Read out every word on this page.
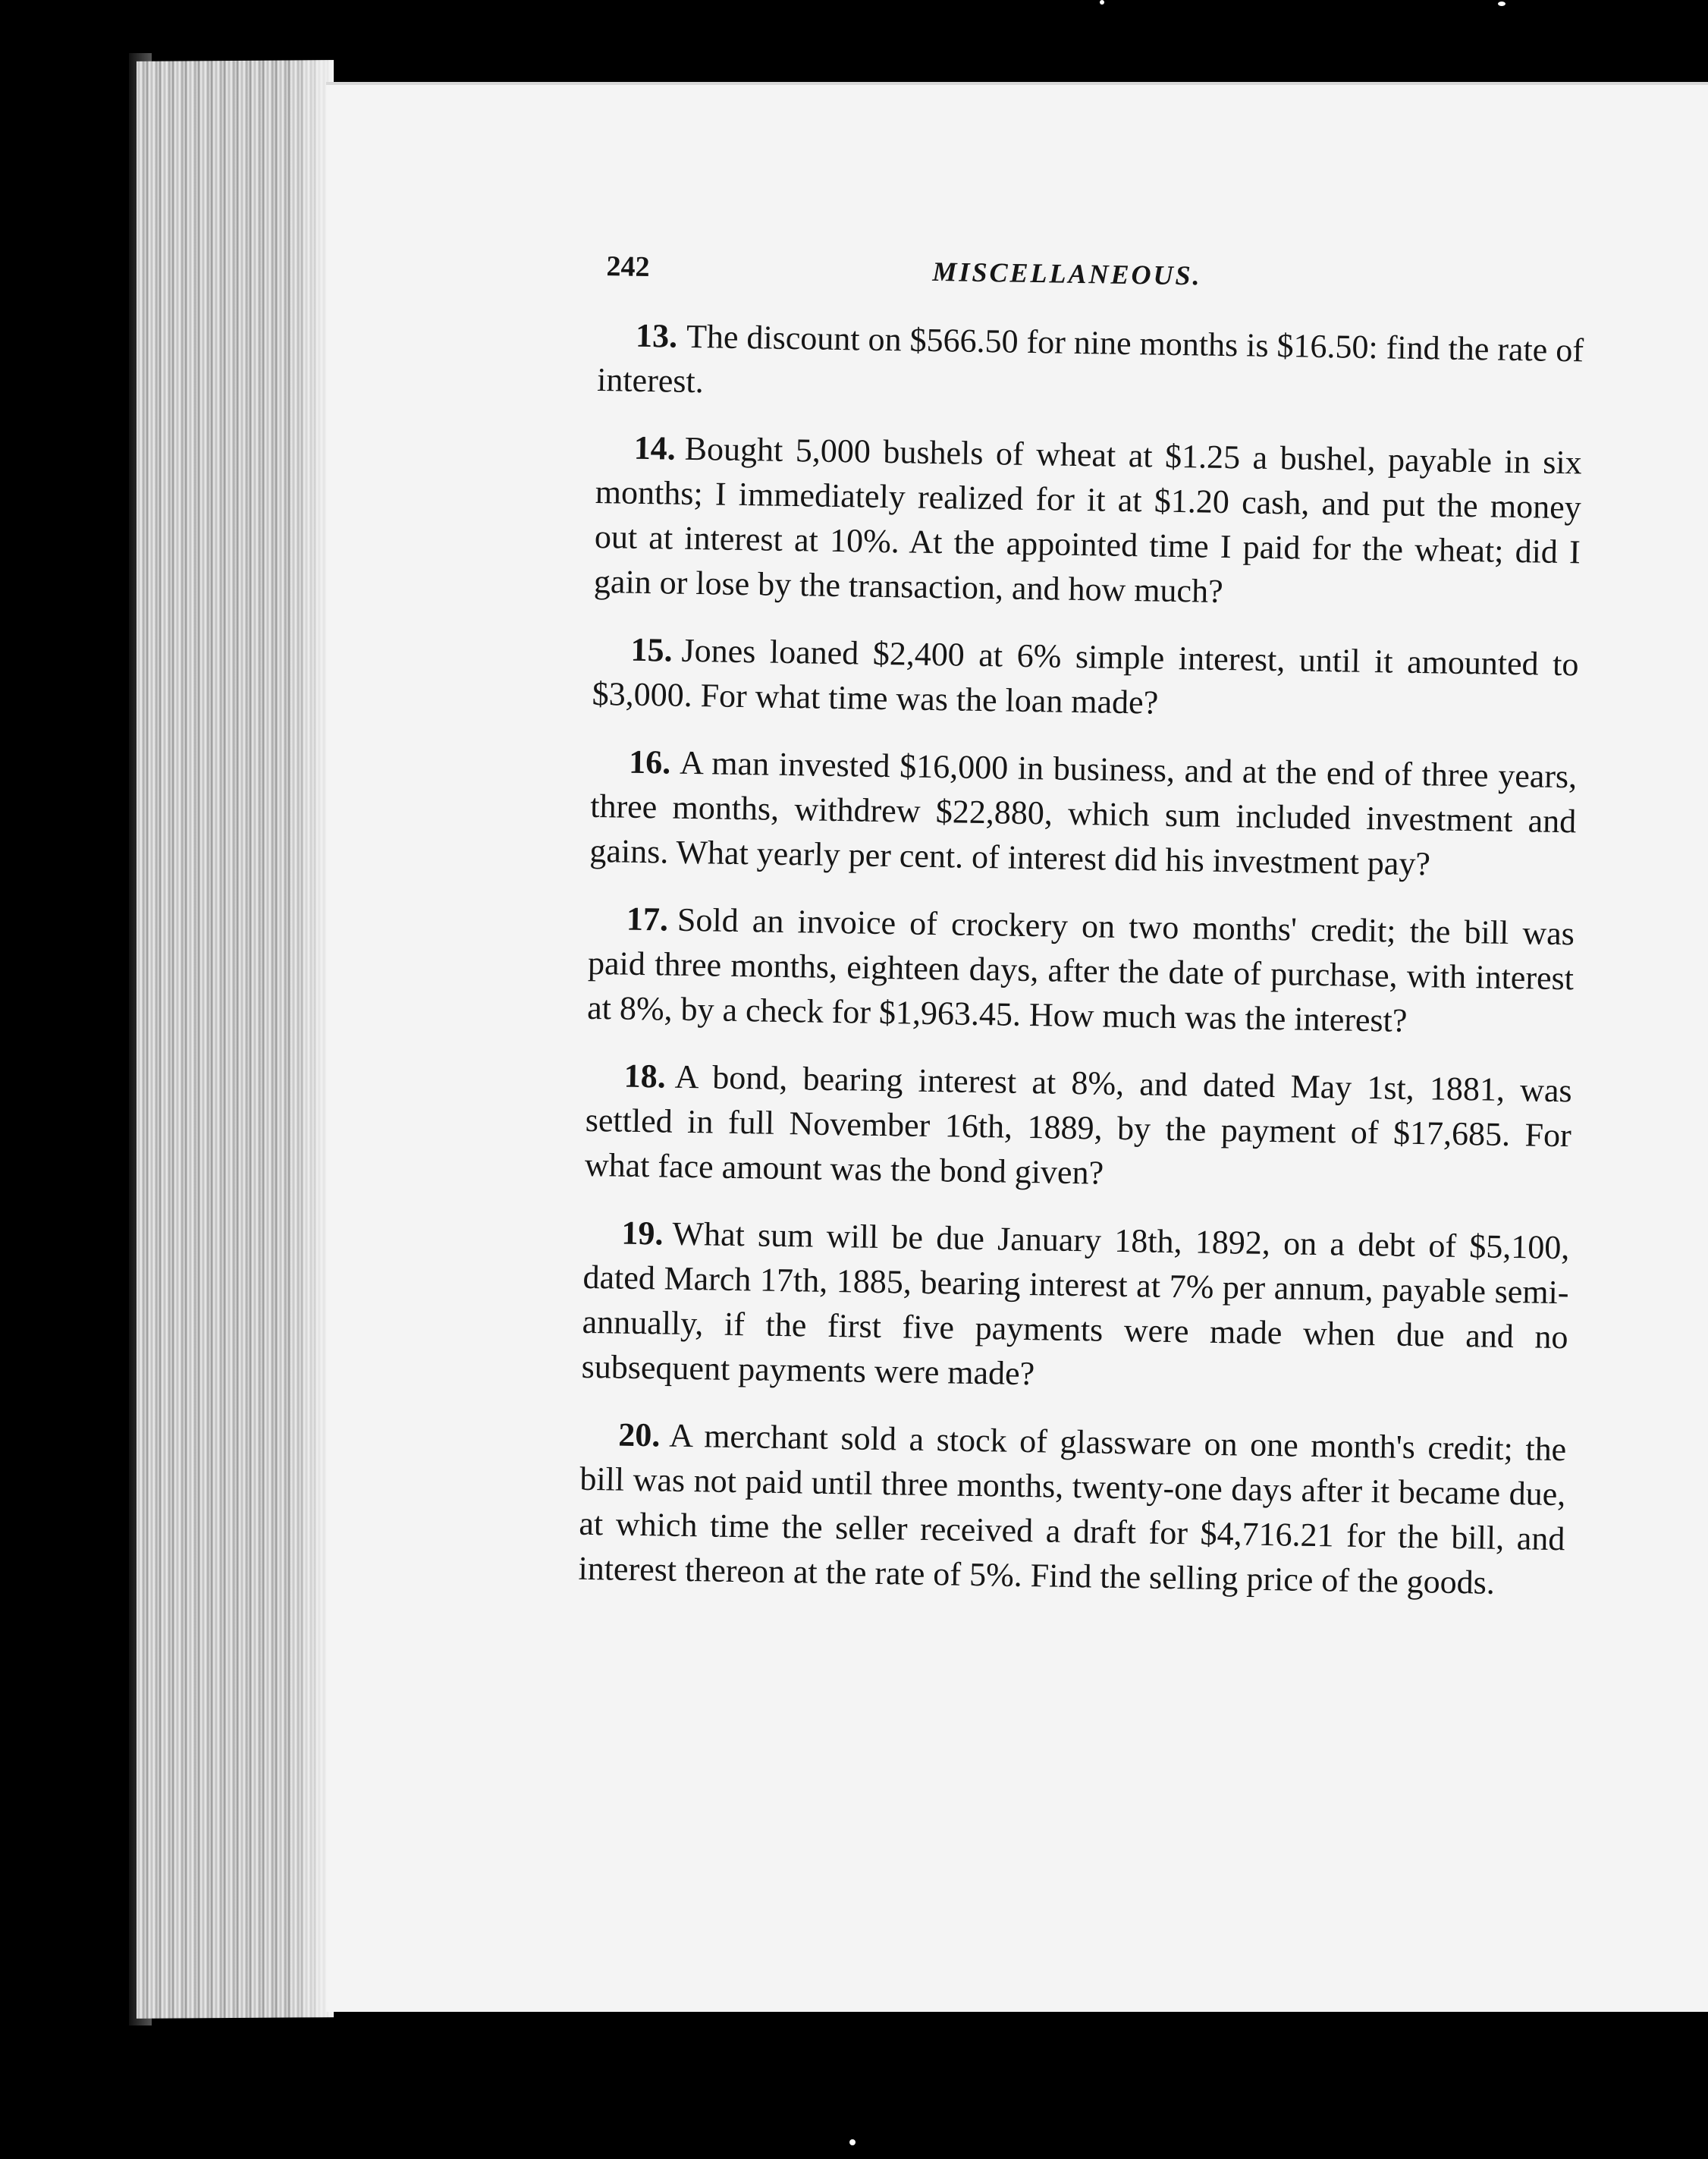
242	MISCELLANEOUS.

13. The discount on $566.50 for nine months is $16.50: find the rate of interest.

14. Bought 5,000 bushels of wheat at $1.25 a bushel, payable in six months; I immediately realized for it at $1.20 cash, and put the money out at interest at 10%. At the appointed time I paid for the wheat; did I gain or lose by the transaction, and how much?

15. Jones loaned $2,400 at 6% simple interest, until it amounted to $3,000. For what time was the loan made?

16. A man invested $16,000 in business, and at the end of three years, three months, withdrew $22,880, which sum included investment and gains. What yearly per cent. of interest did his investment pay?

17. Sold an invoice of crockery on two months' credit; the bill was paid three months, eighteen days, after the date of purchase, with interest at 8%, by a check for $1,963.45. How much was the interest?

18. A bond, bearing interest at 8%, and dated May 1st, 1881, was settled in full November 16th, 1889, by the payment of $17,685. For what face amount was the bond given?

19. What sum will be due January 18th, 1892, on a debt of $5,100, dated March 17th, 1885, bearing interest at 7% per annum, payable semi-annually, if the first five payments were made when due and no subsequent payments were made?

20. A merchant sold a stock of glassware on one month's credit; the bill was not paid until three months, twenty-one days after it became due, at which time the seller received a draft for $4,716.21 for the bill, and interest thereon at the rate of 5%. Find the selling price of the goods.
